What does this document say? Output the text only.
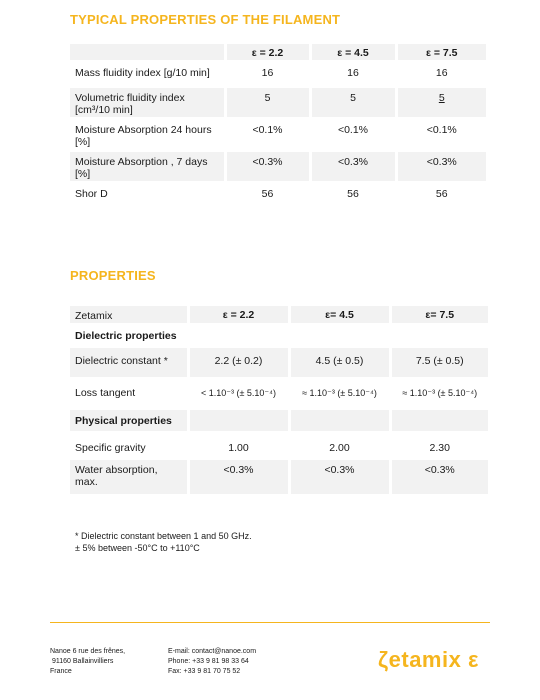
TYPICAL PROPERTIES OF THE FILAMENT
	ε = 2.2	ε = 4.5	ε = 7.5
Mass fluidity index [g/10 min]	16	16	16

Volumetric fluidity index
[cm³/10 min]	5	5	5

Moisture Absorption 24 hours
[%]	<0.1%	<0.1%	<0.1%

Moisture Absorption , 7 days
[%]	<0.3%	<0.3%	<0.3%
Shor D	56	56	56
PROPERTIES
Zetamix	ε = 2.2	ε= 4.5	ε= 7.5
Dielectric properties			
Dielectric constant *	2.2 (± 0.2)	4.5 (± 0.5)	7.5 (± 0.5)
Loss tangent	< 1.10⁻³ (± 5.10⁻⁴)	≈ 1.10⁻³ (± 5.10⁻⁴)	≈ 1.10⁻³ (± 5.10⁻⁴)
Physical properties			
Specific gravity	1.00	2.00	2.30

Water absorption,
max.	<0.3%	<0.3%	<0.3%
* Dielectric constant between 1 and 50 GHz.
± 5% between -50°C to +110°C
Nanoe 6 rue des frênes,
91160 Ballainvilliers
France
E-mail: contact@nanoe.com
Phone: +33 9 81 98 33 64
Fax: +33 9 81 70 75 52	ζetamix ε
